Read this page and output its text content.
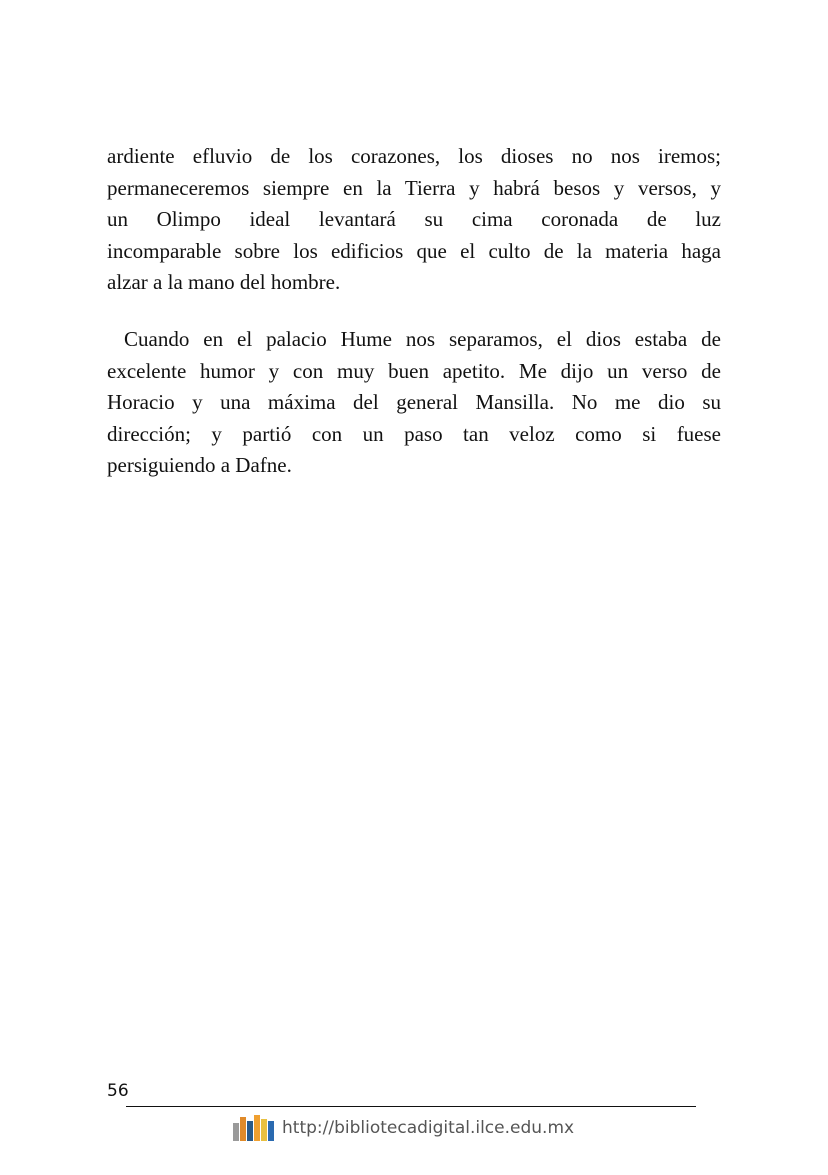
ardiente efluvio de los corazones, los dioses no nos iremos;
permaneceremos siempre en la Tierra y habrá besos y versos, y
un Olimpo ideal levantará su cima coronada de luz
incomparable sobre los edificios que el culto de la materia haga
alzar a la mano del hombre.
Cuando en el palacio Hume nos separamos, el dios estaba de
excelente humor y con muy buen apetito. Me dijo un verso de
Horacio y una máxima del general Mansilla. No me dio su
dirección; y partió con un paso tan veloz como si fuese
persiguiendo a Dafne.
56
http://bibliotecadigital.ilce.edu.mx
